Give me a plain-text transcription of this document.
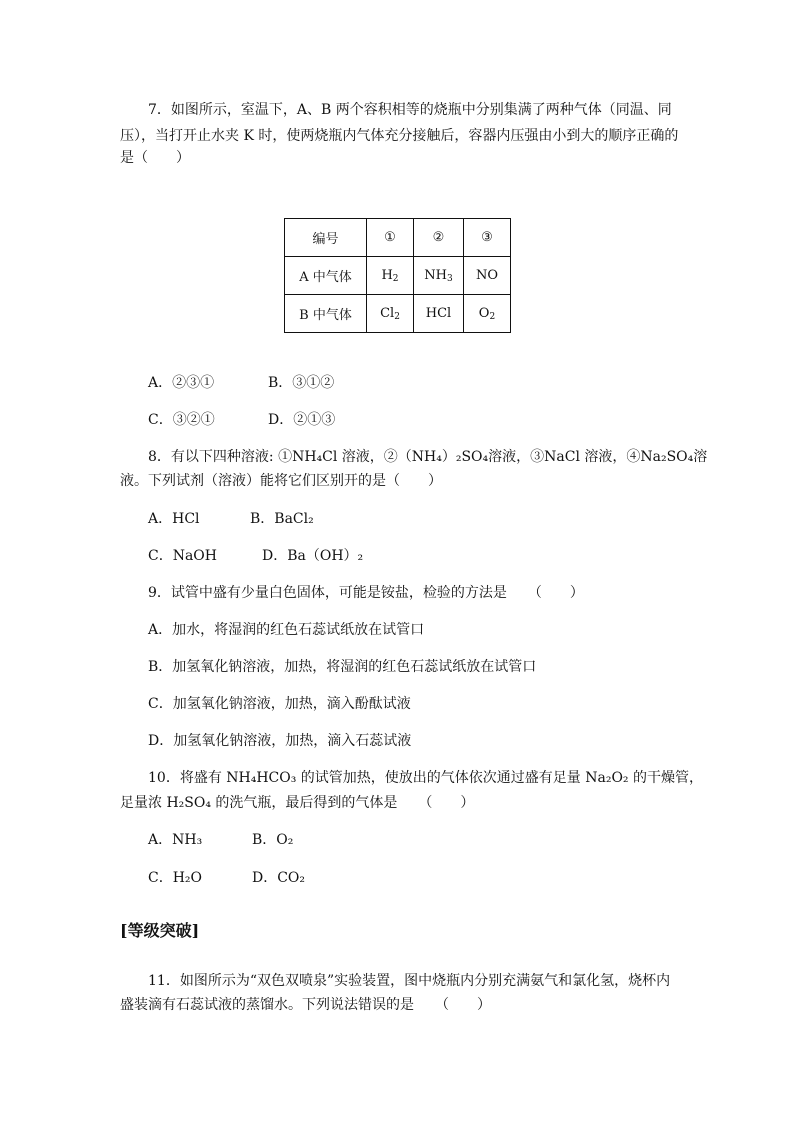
7．如图所示，室温下，A、B 两个容积相等的烧瓶中分别集满了两种气体（同温、同
压），当打开止水夹 K 时，使两烧瓶内气体充分接触后，容器内压强由小到大的顺序正确的
是（　　）
编号	①	②	③
A 中气体	$H_2$	$NH_3$	NO
B 中气体	$Cl_2$	HCl	$O_2$
A．②③①	B．③①②
C．③②①	D．②①③
8．有以下四种溶液: ①NH₄Cl 溶液，②（NH₄）₂SO₄溶液，③NaCl 溶液，④Na₂SO₄溶
液。下列试剂（溶液）能将它们区别开的是（　　）
A．HCl	B．BaCl₂
C．NaOH	D．Ba（OH）₂
9．试管中盛有少量白色固体，可能是铵盐，检验的方法是　　（　　）
A．加水，将湿润的红色石蕊试纸放在试管口
B．加氢氧化钠溶液，加热，将湿润的红色石蕊试纸放在试管口
C．加氢氧化钠溶液，加热，滴入酚酞试液
D．加氢氧化钠溶液，加热，滴入石蕊试液
10．将盛有 NH₄HCO₃ 的试管加热，使放出的气体依次通过盛有足量 Na₂O₂ 的干燥管，
足量浓 H₂SO₄ 的洗气瓶，最后得到的气体是　　（　　）
A．NH₃	B．O₂
C．H₂O	D．CO₂
[等级突破]
11．如图所示为“双色双喷泉”实验装置，图中烧瓶内分别充满氨气和氯化氢，烧杯内
盛装滴有石蕊试液的蒸馏水。下列说法错误的是　　（　　）
